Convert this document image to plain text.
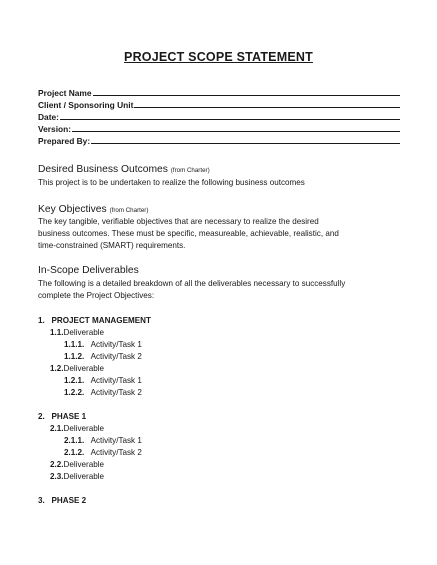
PROJECT SCOPE STATEMENT
Project Name
Client / Sponsoring Unit
Date:
Version:
Prepared By:
Desired Business Outcomes (from Charter)
This project is to be undertaken to realize the following business outcomes
Key Objectives (from Charter)
The key tangible, verifiable objectives that are necessary to realize the desired
business outcomes. These must be specific, measureable, achievable, realistic, and
time-constrained (SMART) requirements.
In-Scope Deliverables
The following is a detailed breakdown of all the deliverables necessary to successfully
complete the Project Objectives:
1. PROJECT MANAGEMENT
1.1.Deliverable
1.1.1. Activity/Task 1
1.1.2. Activity/Task 2
1.2.Deliverable
1.2.1. Activity/Task 1
1.2.2. Activity/Task 2
2. PHASE 1
2.1.Deliverable
2.1.1. Activity/Task 1
2.1.2. Activity/Task 2
2.2.Deliverable
2.3.Deliverable
3. PHASE 2
